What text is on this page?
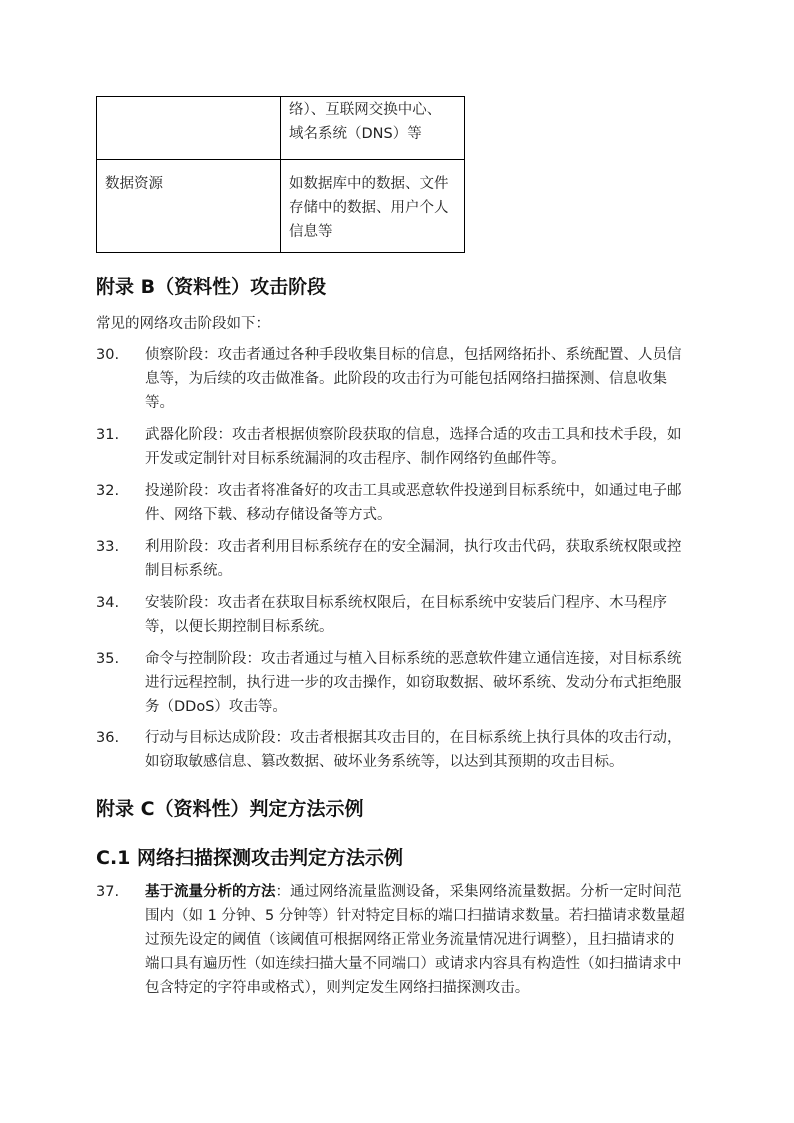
	络）、互联网交换中心、
域名系统（DNS）等

数据资源	如数据库中的数据、文件
存储中的数据、用户个人
信息等
附录 B（资料性）攻击阶段
常见的网络攻击阶段如下：
30.	侦察阶段：攻击者通过各种手段收集目标的信息，包括网络拓扑、系统配置、人员信
息等，为后续的攻击做准备。此阶段的攻击行为可能包括网络扫描探测、信息收集
等。
31.	武器化阶段：攻击者根据侦察阶段获取的信息，选择合适的攻击工具和技术手段，如
开发或定制针对目标系统漏洞的攻击程序、制作网络钓鱼邮件等。
32.	投递阶段：攻击者将准备好的攻击工具或恶意软件投递到目标系统中，如通过电子邮
件、网络下载、移动存储设备等方式。
33.	利用阶段：攻击者利用目标系统存在的安全漏洞，执行攻击代码，获取系统权限或控
制目标系统。
34.	安装阶段：攻击者在获取目标系统权限后，在目标系统中安装后门程序、木马程序
等，以便长期控制目标系统。
35.	命令与控制阶段：攻击者通过与植入目标系统的恶意软件建立通信连接，对目标系统
进行远程控制，执行进一步的攻击操作，如窃取数据、破坏系统、发动分布式拒绝服
务（DDoS）攻击等。
36.	行动与目标达成阶段：攻击者根据其攻击目的，在目标系统上执行具体的攻击行动，
如窃取敏感信息、篡改数据、破坏业务系统等，以达到其预期的攻击目标。
附录 C（资料性）判定方法示例
C.1 网络扫描探测攻击判定方法示例
37.	基于流量分析的方法：通过网络流量监测设备，采集网络流量数据。分析一定时间范
围内（如 1 分钟、5 分钟等）针对特定目标的端口扫描请求数量。若扫描请求数量超
过预先设定的阈值（该阈值可根据网络正常业务流量情况进行调整），且扫描请求的
端口具有遍历性（如连续扫描大量不同端口）或请求内容具有构造性（如扫描请求中
包含特定的字符串或格式），则判定发生网络扫描探测攻击。
